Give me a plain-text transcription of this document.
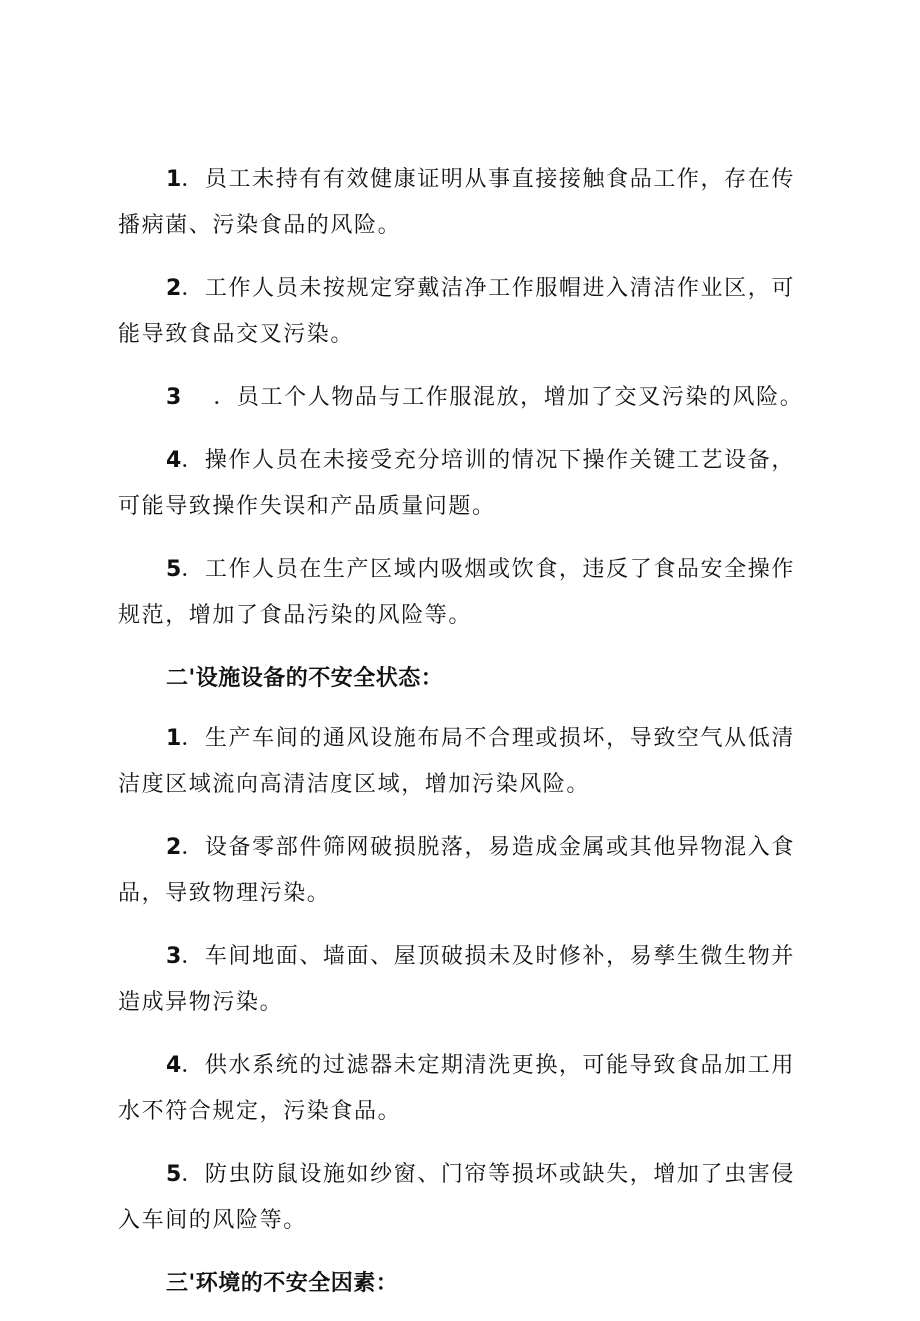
1．员工未持有有效健康证明从事直接接触食品工作，存在传播病菌、污染食品的风险。

2．工作人员未按规定穿戴洁净工作服帽进入清洁作业区，可能导致食品交叉污染。

3 ．员工个人物品与工作服混放，增加了交叉污染的风险。

4．操作人员在未接受充分培训的情况下操作关键工艺设备，可能导致操作失误和产品质量问题。

5．工作人员在生产区域内吸烟或饮食，违反了食品安全操作规范，增加了食品污染的风险等。

二'设施设备的不安全状态：

1．生产车间的通风设施布局不合理或损坏，导致空气从低清洁度区域流向高清洁度区域，增加污染风险。

2．设备零部件筛网破损脱落，易造成金属或其他异物混入食品，导致物理污染。

3．车间地面、墙面、屋顶破损未及时修补，易孳生微生物并造成异物污染。

4．供水系统的过滤器未定期清洗更换，可能导致食品加工用水不符合规定，污染食品。

5．防虫防鼠设施如纱窗、门帘等损坏或缺失，增加了虫害侵入车间的风险等。

三'环境的不安全因素：
